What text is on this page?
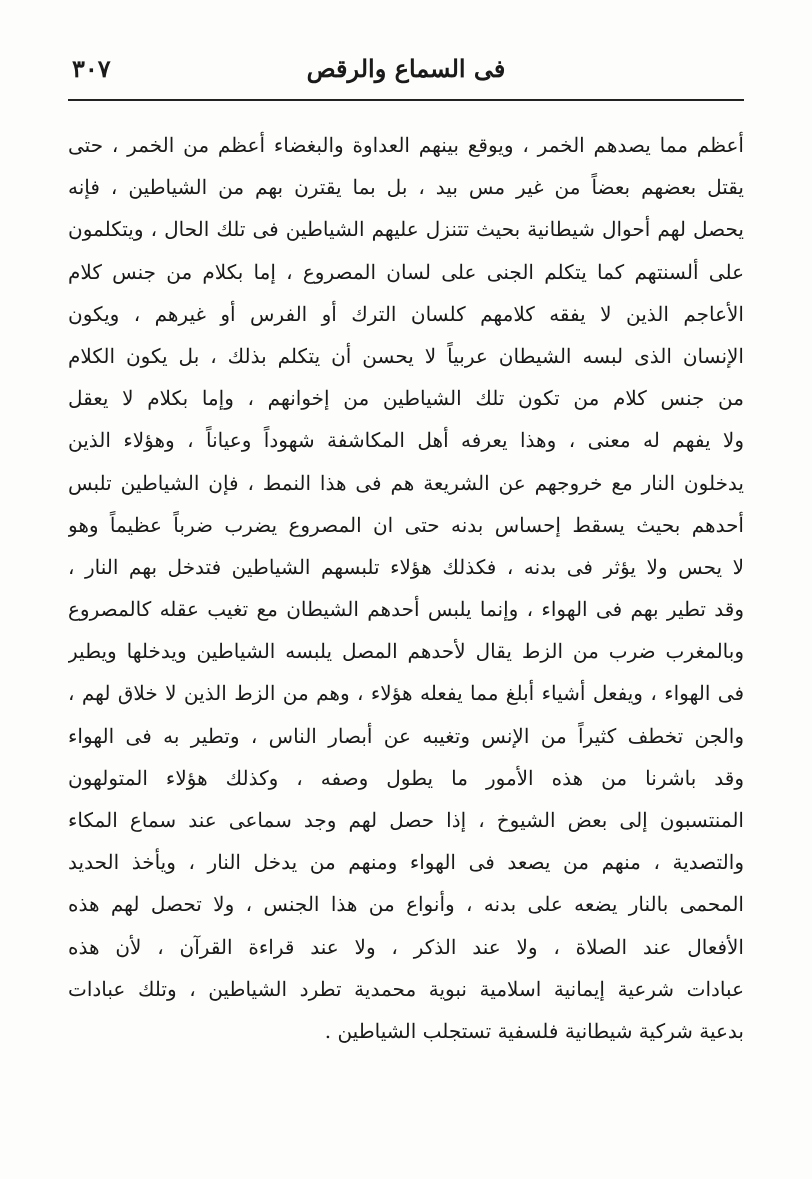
فى السماع والرقص
٣٠٧
أعظم مما يصدهم الخمر ، ويوقع بينهم العداوة والبغضاء أعظم من الخمر ، حتى
يقتل بعضهم بعضاً من غير مس بيد ، بل بما يقترن بهم من الشياطين ، فإنه
يحصل لهم أحوال شيطانية بحيث تتنزل عليهم الشياطين فى تلك الحال ، ويتكلمون
على ألسنتهم كما يتكلم الجنى على لسان المصروع ، إما بكلام من جنس كلام
الأعاجم الذين لا يفقه كلامهم كلسان الترك أو الفرس أو غيرهم ، ويكون
الإنسان الذى لبسه الشيطان عربياً لا يحسن أن يتكلم بذلك ، بل يكون الكلام
من جنس كلام من تكون تلك الشياطين من إخوانهم ، وإما بكلام لا يعقل
ولا يفهم له معنى ، وهذا يعرفه أهل المكاشفة شهوداً وعياناً ، وهؤلاء الذين
يدخلون النار مع خروجهم عن الشريعة هم فى هذا النمط ، فإن الشياطين تلبس
أحدهم بحيث يسقط إحساس بدنه حتى ان المصروع يضرب ضرباً عظيماً وهو
لا يحس ولا يؤثر فى بدنه ، فكذلك هؤلاء تلبسهم الشياطين فتدخل بهم النار ،
وقد تطير بهم فى الهواء ، وإنما يلبس أحدهم الشيطان مع تغيب عقله كالمصروع
وبالمغرب ضرب من الزط يقال لأحدهم المصل يلبسه الشياطين ويدخلها ويطير
فى الهواء ، ويفعل أشياء أبلغ مما يفعله هؤلاء ، وهم من الزط الذين لا خلاق لهم ،
والجن تخطف كثيراً من الإنس وتغيبه عن أبصار الناس ، وتطير به فى الهواء
وقد باشرنا من هذه الأمور ما يطول وصفه ، وكذلك هؤلاء المتولهون
المنتسبون إلى بعض الشيوخ ، إذا حصل لهم وجد سماعى عند سماع المكاء
والتصدية ، منهم من يصعد فى الهواء ومنهم من يدخل النار ، ويأخذ الحديد
المحمى بالنار يضعه على بدنه ، وأنواع من هذا الجنس ، ولا تحصل لهم هذه
الأفعال عند الصلاة ، ولا عند الذكر ، ولا عند قراءة القرآن ، لأن هذه
عبادات شرعية إيمانية اسلامية نبوية محمدية تطرد الشياطين ، وتلك عبادات
بدعية شركية شيطانية فلسفية تستجلب الشياطين .
